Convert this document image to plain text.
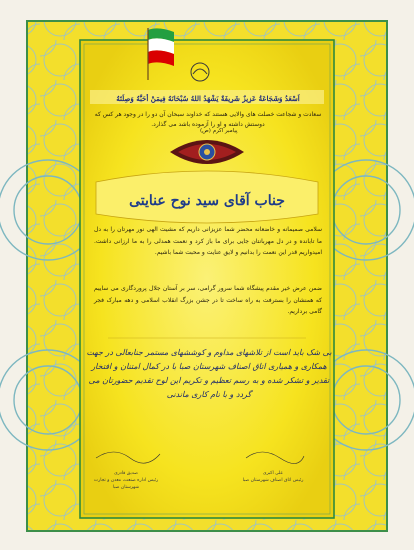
اَسْعَدُ وَشَجَاعَةُ عَزِیزٌ شَرِیفَةٌ یَشْهَدُ اللهُ سُبْحَانَهُ فِیمَنْ أَحَبَّهُ وَصِلَتَهُ
سعادت و شجاعت خصلت های والایی هستند که خداوند سبحان آن دو را در وجود هر کس که دوستش داشته و او را آزموده باشد می گذارد.
پیامبر اکرم (ص)
جناب آقای سید نوح عنایتی
سلامی صمیمانه و خاضعانه محضر شما عزیزانی داریم که مشیت الهی نور مهرتان را به دل ما تابانده و در دل مهربانتان جایی برای ما باز کرد و نعمت همدلی را به ما ارزانی داشت. امیدواریم قدر این نعمت را بدانیم و لایق عنایت و محبت شما باشیم.
ضمن عرض خیر مقدم پیشگاه شما سرور گرامی، سر بر آستان جلال پروردگاری می ساییم که همنشان را بسترفت به راه ساخت تا در جشن بزرگ انقلاب اسلامی و دهه مبارک فجر گامی برداریم.
بی شک باید است از تلاشهای مداوم و کوششهای مستمر جنابعالی در جهت همکاری و همیاری اتاق اصناف شهرستان صبا با در کمال امتنان و افتخار تقدیر و تشکر شده و به رسم تعظیم و تکریم این لوح تقدیم حضورتان می گردد و با نام کاری ماندنی
علی اکبری
رئیس اتاق اصناف شهرستان صبا
صدیق قادری
رئیس اداره صنعت، معدن و تجارت
شهرستان صبا
